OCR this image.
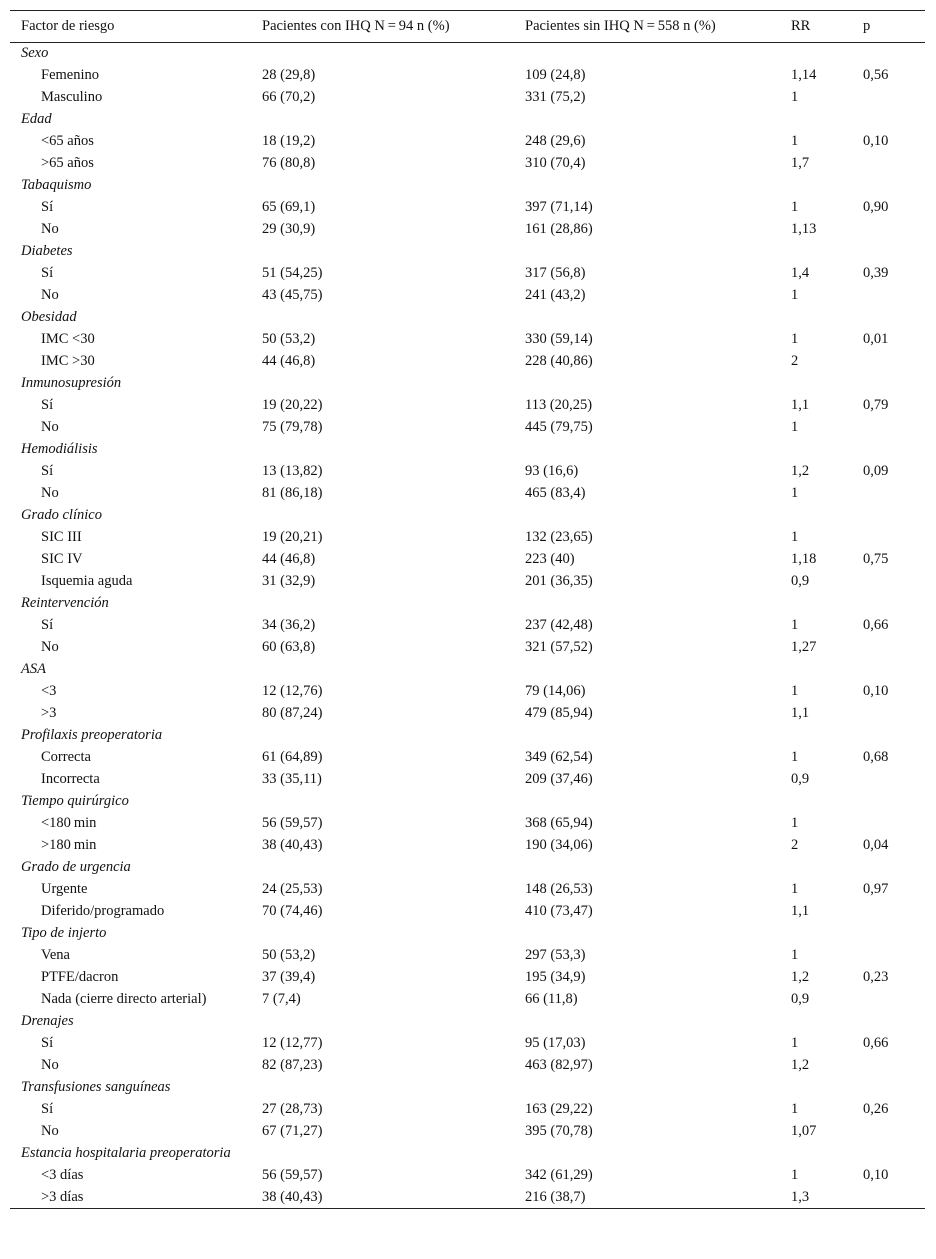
Factor de riesgo	Pacientes con IHQ N = 94 n (%)	Pacientes sin IHQ N = 558 n (%)	RR	p
Sexo				
Femenino	28 (29,8)	109 (24,8)	1,14	0,56
Masculino	66 (70,2)	331 (75,2)	1	
Edad				
<65 años	18 (19,2)	248 (29,6)	1	0,10
>65 años	76 (80,8)	310 (70,4)	1,7	
Tabaquismo				
Sí	65 (69,1)	397 (71,14)	1	0,90
No	29 (30,9)	161 (28,86)	1,13	
Diabetes				
Sí	51 (54,25)	317 (56,8)	1,4	0,39
No	43 (45,75)	241 (43,2)	1	
Obesidad				
IMC <30	50 (53,2)	330 (59,14)	1	0,01
IMC >30	44 (46,8)	228 (40,86)	2	
Inmunosupresión				
Sí	19 (20,22)	113 (20,25)	1,1	0,79
No	75 (79,78)	445 (79,75)	1	
Hemodiálisis				
Sí	13 (13,82)	93 (16,6)	1,2	0,09
No	81 (86,18)	465 (83,4)	1	
Grado clínico				
SIC III	19 (20,21)	132 (23,65)	1	
SIC IV	44 (46,8)	223 (40)	1,18	0,75
Isquemia aguda	31 (32,9)	201 (36,35)	0,9	
Reintervención				
Sí	34 (36,2)	237 (42,48)	1	0,66
No	60 (63,8)	321 (57,52)	1,27	
ASA				
<3	12 (12,76)	79 (14,06)	1	0,10
>3	80 (87,24)	479 (85,94)	1,1	
Profilaxis preoperatoria				
Correcta	61 (64,89)	349 (62,54)	1	0,68
Incorrecta	33 (35,11)	209 (37,46)	0,9	
Tiempo quirúrgico				
<180 min	56 (59,57)	368 (65,94)	1	
>180 min	38 (40,43)	190 (34,06)	2	0,04
Grado de urgencia				
Urgente	24 (25,53)	148 (26,53)	1	0,97
Diferido/programado	70 (74,46)	410 (73,47)	1,1	
Tipo de injerto				
Vena	50 (53,2)	297 (53,3)	1	
PTFE/dacron	37 (39,4)	195 (34,9)	1,2	0,23
Nada (cierre directo arterial)	7 (7,4)	66 (11,8)	0,9	
Drenajes				
Sí	12 (12,77)	95 (17,03)	1	0,66
No	82 (87,23)	463 (82,97)	1,2	
Transfusiones sanguíneas				
Sí	27 (28,73)	163 (29,22)	1	0,26
No	67 (71,27)	395 (70,78)	1,07	
Estancia hospitalaria preoperatoria				
<3 días	56 (59,57)	342 (61,29)	1	0,10
>3 días	38 (40,43)	216 (38,7)	1,3	
